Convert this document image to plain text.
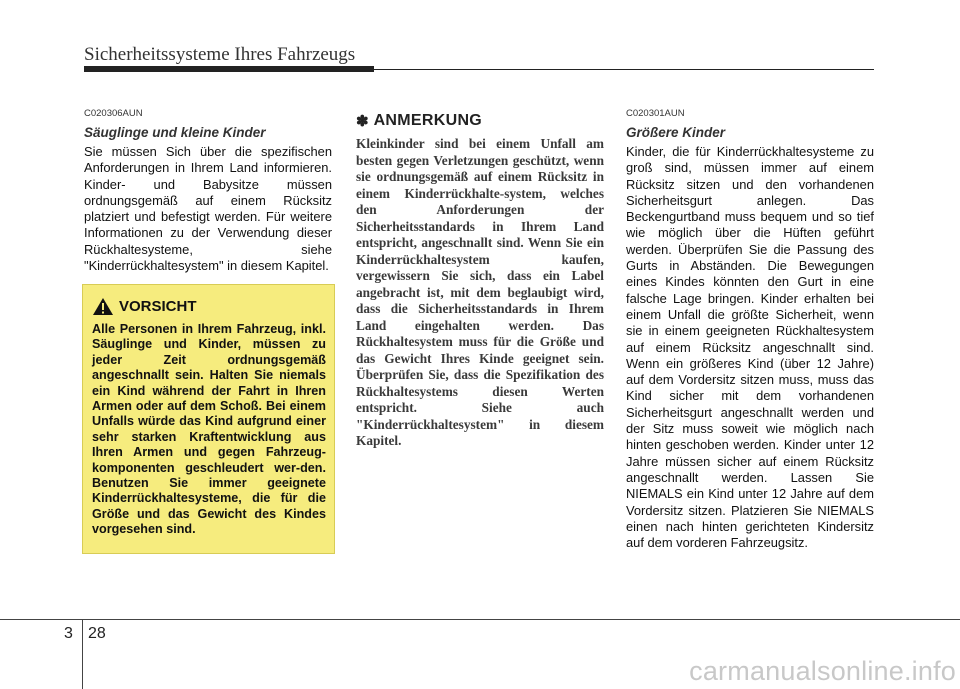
Sicherheitssysteme Ihres Fahrzeugs

C020306AUN

Säuglinge und kleine Kinder

Sie müssen Sich über die spezifischen Anforderungen in Ihrem Land informieren. Kinder- und Babysitze müssen ordnungsgemäß auf einem Rücksitz platziert und befestigt werden. Für weitere Informationen zu der Verwendung dieser Rückhaltesysteme, siehe "Kinderrückhaltesystem" in diesem Kapitel.

VORSICHT

Alle Personen in Ihrem Fahrzeug, inkl. Säuglinge und Kinder, müssen zu jeder Zeit ordnungsgemäß angeschnallt sein. Halten Sie niemals ein Kind während der Fahrt in Ihren Armen oder auf dem Schoß. Bei einem Unfalls würde das Kind aufgrund einer sehr starken Kraftentwicklung aus Ihren Armen und gegen Fahrzeug-komponenten geschleudert wer-den. Benutzen Sie immer geeignete Kinderrückhaltesysteme, die für die Größe und das Gewicht des Kindes vorgesehen sind.

✽ ANMERKUNG

Kleinkinder sind bei einem Unfall am besten gegen Verletzungen geschützt, wenn sie ordnungsgemäß auf einem Rücksitz in einem Kinderrückhalte-system, welches den Anforderungen der Sicherheitsstandards in Ihrem Land entspricht, angeschnallt sind. Wenn Sie ein Kinderrückhaltesystem kaufen, vergewissern Sie sich, dass ein Label angebracht ist, mit dem beglaubigt wird, dass die Sicherheitsstandards in Ihrem Land eingehalten werden. Das Rückhaltesystem muss für die Größe und das Gewicht Ihres Kinde geeignet sein. Überprüfen Sie, dass die Spezifikation des Rückhaltesystems diesen Werten entspricht. Siehe auch "Kinderrückhaltesystem" in diesem Kapitel.

C020301AUN

Größere Kinder

Kinder, die für Kinderrückhaltesysteme zu groß sind, müssen immer auf einem Rücksitz sitzen und den vorhandenen Sicherheitsgurt anlegen. Das Beckengurtband muss bequem und so tief wie möglich über die Hüften geführt werden. Überprüfen Sie die Passung des Gurts in Abständen. Die Bewegungen eines Kindes könnten den Gurt in eine falsche Lage bringen. Kinder erhalten bei einem Unfall die größte Sicherheit, wenn sie in einem geeigneten Rückhaltesystem auf einem Rücksitz angeschnallt sind. Wenn ein größeres Kind (über 12 Jahre) auf dem Vordersitz sitzen muss, muss das Kind sicher mit dem vorhandenen Sicherheitsgurt angeschnallt werden und der Sitz muss soweit wie möglich nach hinten geschoben werden. Kinder unter 12 Jahre müssen sicher auf einem Rücksitz angeschnallt werden. Lassen Sie NIEMALS ein Kind unter 12 Jahre auf dem Vordersitz sitzen. Platzieren Sie NIEMALS einen nach hinten gerichteten Kindersitz auf dem vorderen Fahrzeugsitz.

3 28
carmanualsonline.info
